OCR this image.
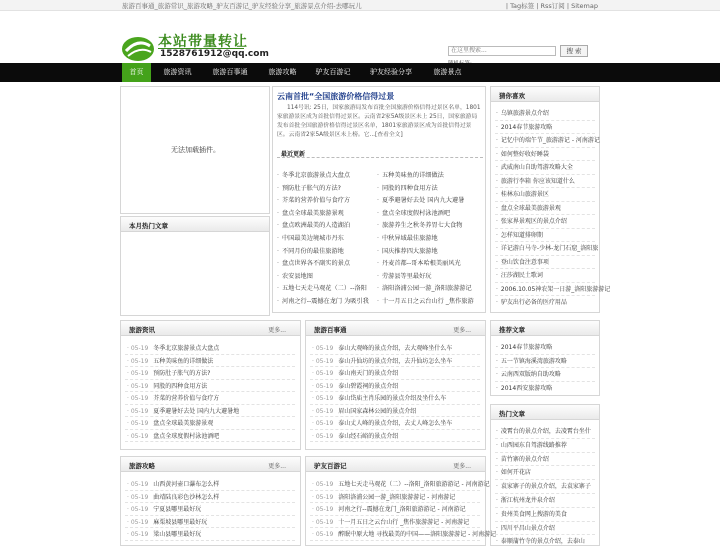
旅游百事通_旅游常识_旅游攻略_驴友百游记_驴友经验分享_旅游景点介绍-去哪玩儿	| Tag标签 | Rss订阅 | Sitemap
本站带量转让
1528761912@qq.com	在这里搜索...	搜 索
首页	旅游资讯	旅游百事通	旅游攻略	驴友百游记	驴友经验分享	旅游景点
无法加载插件。
本月热门文章
· 冬季北京旅游景点大盘点
· 预防肚子胀气的方法?
· 芥菜的营养价值与食疗方
· 盘点全球最美旅游景观
· 盘点欧洲最美的人造湖泊
· 中国最美边境城市丹东
· 不同月份的最佳旅游地
· 盘点世界各不副实的景点
· 农安县地图
· 五地七天走马观花（二）--洛阳
· 河南之行--震撼在龙门 为吸引我
· 五种美味鱼的详细做法
· 同股的四种食用方法
· 夏季避暑好去处 国内九大避暑
· 盘点全球度假村泳池酒吧
· 旅游养生之秋冬养胃七大食物
· 中秋异域最佳旅游地
· 国庆推荐四大旅游地
· 丹麦首都--哥本哈根美丽风光
· 劳游县等里最好玩
· 洛阳洛浦公园一游_洛阳旅游游记
· 十一月五日之云台山行 _焦作旅游
云南首批“全国旅游价格信得过景
114号讯: 25日，国家旅游局发布首批全国旅游价格信得过景区名单，1801家旅游景区成为首批信得过景区。云南省2家5A级景区未上 25日，国家旅游局发布首批全国旅游价格信得过景区名单，1801家旅游景区成为首批信得过景区。云南省2家5A级景区未上榜。它...[查看全文]
最近更新
猜你喜欢
· 乌镇旅游景点介绍
· 2014春节旅游攻略
· 记忆中的端午节_旅游游记 - 河南游记
· 如何整好收好睡袋
· 武威南山自助驾游攻略大全
· 旅游行李箱 你应该知道什么
· 桂林东山旅游景区
· 盘点全球最美旅游景观
· 张家界景观区的景点介绍
· 怎样知道排卵期
· 详记游白马寺-少林-龙门石窟_洛阳旅
· 登山饮食注意事项
· 汪莎湖民土歌词
· 2006.10.05神农架一日游_洛阳旅游游记
· 驴友出行必备的医疗用品
推荐文章
· 2014春节旅游攻略
· 五一节镇海溪湾旅游攻略
· 云南西双版纳自助攻略
· 2014西安旅游攻略
热门文章
· 凌霄台的景点介绍，去凌霄台坐什
· 山西园东自驾游线路推荐
· 苗竹寨的景点介绍
· 如何开花店
· 袁家寨子的景点介绍，去袁家寨子
· 浙江杭州龙井泉介绍
· 贵州美食网上搜游的美食
· 四川平昌山景点介绍
· 泰顺蒲竹寺的景点介绍，去泰山
旅游资讯	更多...
· 05-19 冬季北京旅游景点大盘点
· 05-19 五种美味鱼的详细做法
· 05-19 预防肚子胀气的方法?
· 05-19 同股的四种食用方法
· 05-19 芥菜的营养价值与食疗方
· 05-19 夏季避暑好去处 国内九大避暑地
· 05-19 盘点全球最美旅游景观
· 05-19 盘点全球度假村泳池酒吧
旅游百事通	更多...
· 05-19 泰山大观峰的景点介绍，去大观峰坐什么车
· 05-19 泰山升仙坊的景点介绍，去升仙坊怎么坐车
· 05-19 泰山南天门的景点介绍
· 05-19 泰山碧霞祠的景点介绍
· 05-19 泰山岱庙主肖乐园的景点介绍及坐什么车
· 05-19 眉山国家森林公园的景点介绍
· 05-19 泰山丈人峰的景点介绍，去丈人峰怎么坐车
· 05-19 泰山经石峪的景点介绍
旅游攻略	更多...
· 05-19 山西黄河壶口瀑布怎么样
· 05-19 曲靖陆良彩色沙林怎么样
· 05-19 宁夏县哪里最好玩
· 05-19 麻栗坡县哪里最好玩
· 05-19 梁山县哪里最好玩
驴友百游记	更多...
· 05-19 五地七天走马观花（二）--洛阳_洛阳旅游游记 - 河南游记
· 05-19 洛阳洛浦公园一游_洛阳旅游游记 - 河南游记
· 05-19 河南之行--震撼在龙门_洛阳旅游游记 - 河南游记
· 05-19 十一月五日之云台山行 _焦作旅游游记 - 河南游记
· 05-19 醉眠中原大地 寻找最美的中国——洛阳旅游游记 - 河南游记
